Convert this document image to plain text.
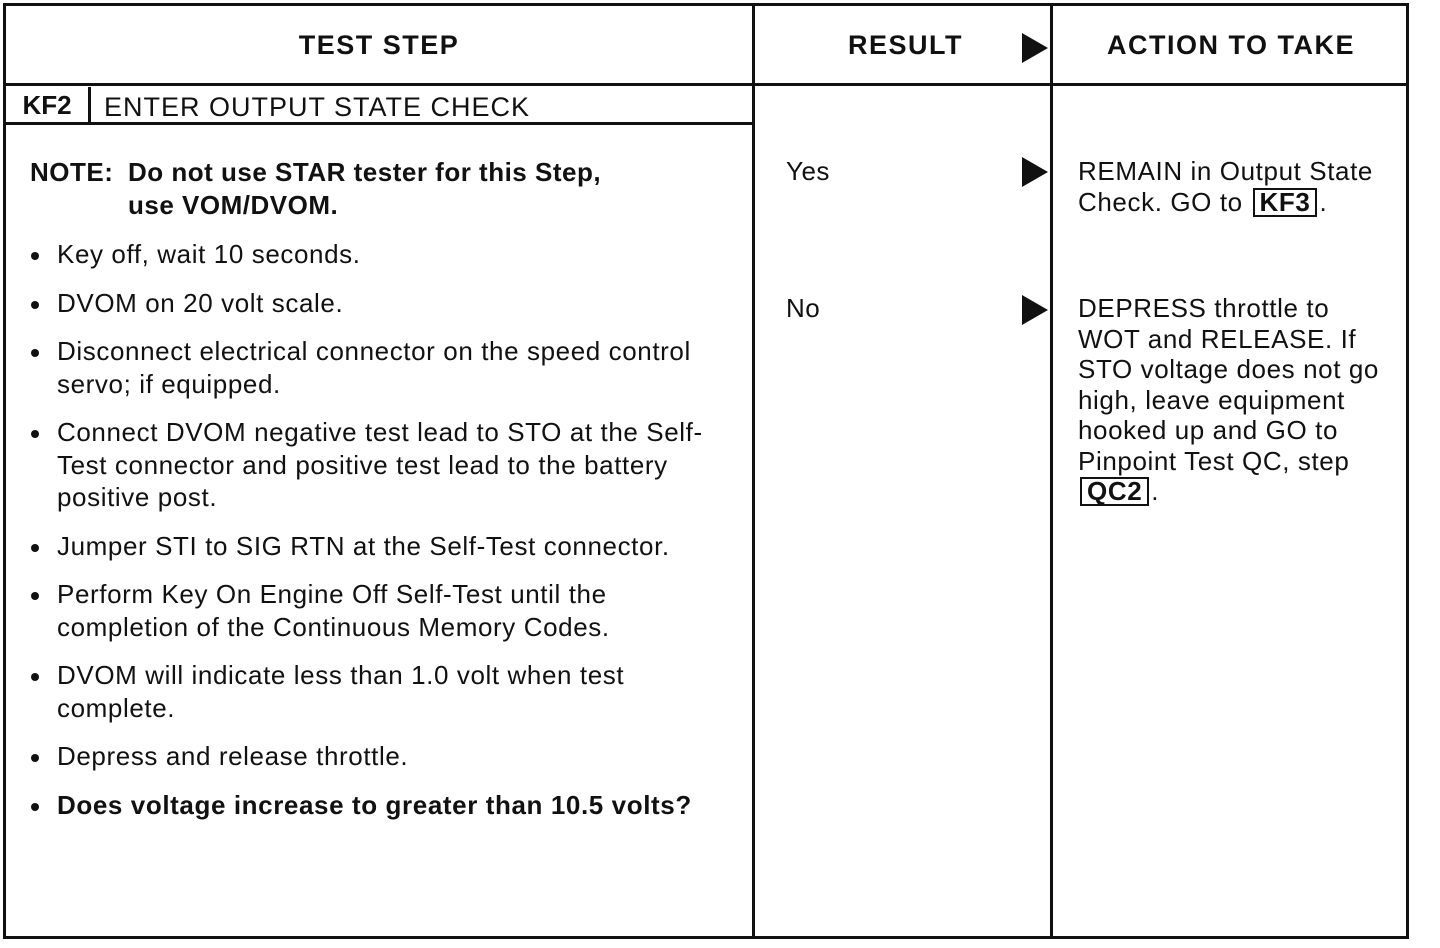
TEST STEP	RESULT	ACTION TO TAKE
KF2	ENTER OUTPUT STATE CHECK
NOTE: Do not use STAR tester for this Step,
use VOM/DVOM.
Key off, wait 10 seconds.
DVOM on 20 volt scale.
Disconnect electrical connector on the speed control servo; if equipped.
Connect DVOM negative test lead to STO at the Self-Test connector and positive test lead to the battery positive post.
Jumper STI to SIG RTN at the Self-Test connector.
Perform Key On Engine Off Self-Test until the completion of the Continuous Memory Codes.
DVOM will indicate less than 1.0 volt when test complete.
Depress and release throttle.
Does voltage increase to greater than 10.5 volts?
Yes	REMAIN in Output State Check. GO to KF3 .
No	DEPRESS throttle to WOT and RELEASE. If STO voltage does not go high, leave equipment hooked up and GO to Pinpoint Test QC, step QC2 .
